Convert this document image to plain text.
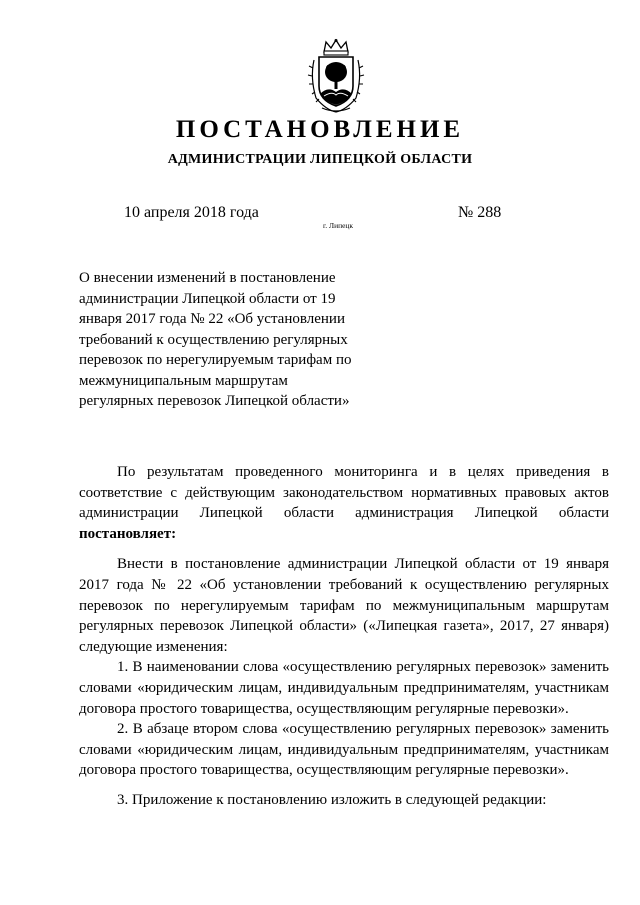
ПОСТАНОВЛЕНИЕ
АДМИНИСТРАЦИИ ЛИПЕЦКОЙ ОБЛАСТИ
10 апреля 2018 года
г. Липецк
№ 288
О внесении изменений в постановление
администрации Липецкой области от 19
января 2017 года № 22 «Об установлении
требований к осуществлению регулярных
перевозок по нерегулируемым тарифам по
межмуниципальным маршрутам
регулярных перевозок Липецкой области»

По результатам проведенного мониторинга и в целях приведения в соответствие с действующим законодательством нормативных правовых актов администрации Липецкой области администрация Липецкой области постановляет:

Внести в постановление администрации Липецкой области от 19 января 2017 года № 22 «Об установлении требований к осуществлению регулярных перевозок по нерегулируемым тарифам по межмуниципальным маршрутам регулярных перевозок Липецкой области» («Липецкая газета», 2017, 27 января) следующие изменения:

1. В наименовании слова «осуществлению регулярных перевозок» заменить словами «юридическим лицам, индивидуальным предпринимателям, участникам договора простого товарищества, осуществляющим регулярные перевозки».

2. В абзаце втором слова «осуществлению регулярных перевозок» заменить словами «юридическим лицам, индивидуальным предпринимателям, участникам договора простого товарищества, осуществляющим регулярные перевозки».

3. Приложение к постановлению изложить в следующей редакции:
